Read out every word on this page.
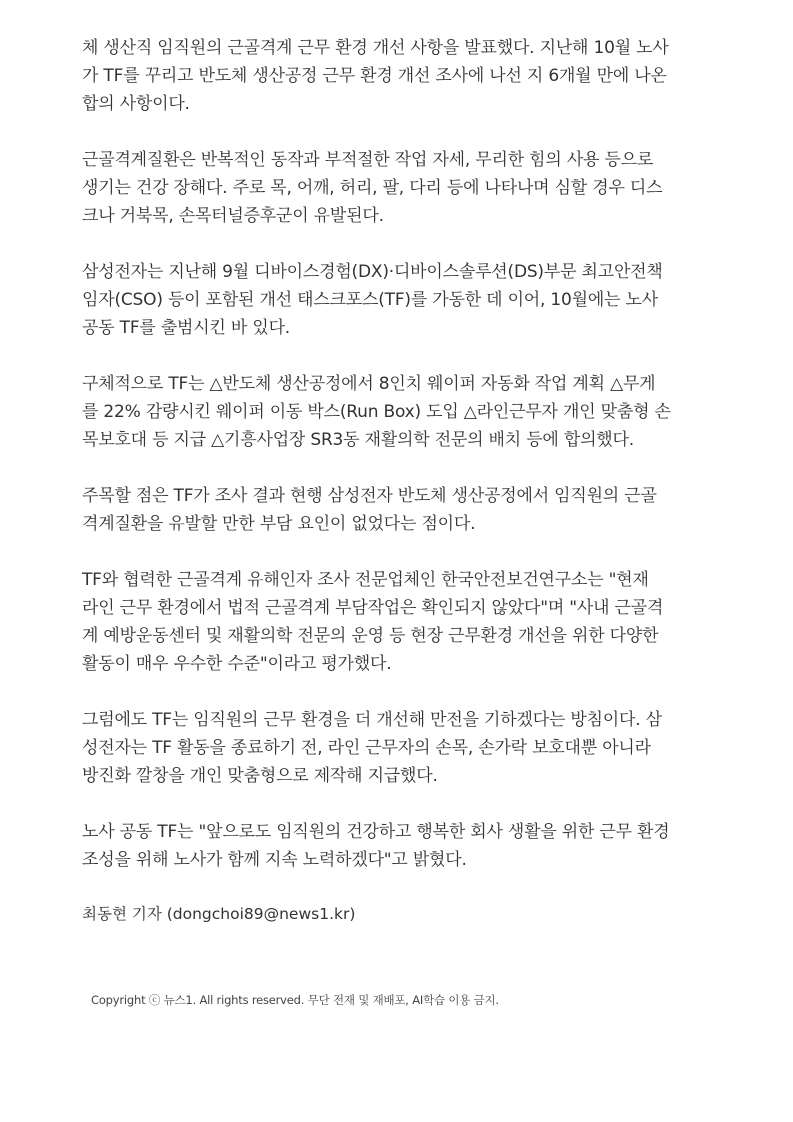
체 생산직 임직원의 근골격계 근무 환경 개선 사항을 발표했다. 지난해 10월 노사
가 TF를 꾸리고 반도체 생산공정 근무 환경 개선 조사에 나선 지 6개월 만에 나온
합의 사항이다.

근골격계질환은 반복적인 동작과 부적절한 작업 자세, 무리한 힘의 사용 등으로
생기는 건강 장해다. 주로 목, 어깨, 허리, 팔, 다리 등에 나타나며 심할 경우 디스
크나 거북목, 손목터널증후군이 유발된다.

삼성전자는 지난해 9월 디바이스경험(DX)·디바이스솔루션(DS)부문 최고안전책
임자(CSO) 등이 포함된 개선 태스크포스(TF)를 가동한 데 이어, 10월에는 노사
공동 TF를 출범시킨 바 있다.

구체적으로 TF는 △반도체 생산공정에서 8인치 웨이퍼 자동화 작업 계획 △무게
를 22% 감량시킨 웨이퍼 이동 박스(Run Box) 도입 △라인근무자 개인 맞춤형 손
목보호대 등 지급 △기흥사업장 SR3동 재활의학 전문의 배치 등에 합의했다.

주목할 점은 TF가 조사 결과 현행 삼성전자 반도체 생산공정에서 임직원의 근골
격계질환을 유발할 만한 부담 요인이 없었다는 점이다.

TF와 협력한 근골격계 유해인자 조사 전문업체인 한국안전보건연구소는 "현재
라인 근무 환경에서 법적 근골격계 부담작업은 확인되지 않았다"며 "사내 근골격
계 예방운동센터 및 재활의학 전문의 운영 등 현장 근무환경 개선을 위한 다양한
활동이 매우 우수한 수준"이라고 평가했다.

그럼에도 TF는 임직원의 근무 환경을 더 개선해 만전을 기하겠다는 방침이다. 삼
성전자는 TF 활동을 종료하기 전, 라인 근무자의 손목, 손가락 보호대뿐 아니라
방진화 깔창을 개인 맞춤형으로 제작해 지급했다.

노사 공동 TF는 "앞으로도 임직원의 건강하고 행복한 회사 생활을 위한 근무 환경
조성을 위해 노사가 함께 지속 노력하겠다"고 밝혔다.

최동현 기자 (dongchoi89@news1.kr)
Copyright ⓒ 뉴스1. All rights reserved. 무단 전재 및 재배포, AI학습 이용 금지.
